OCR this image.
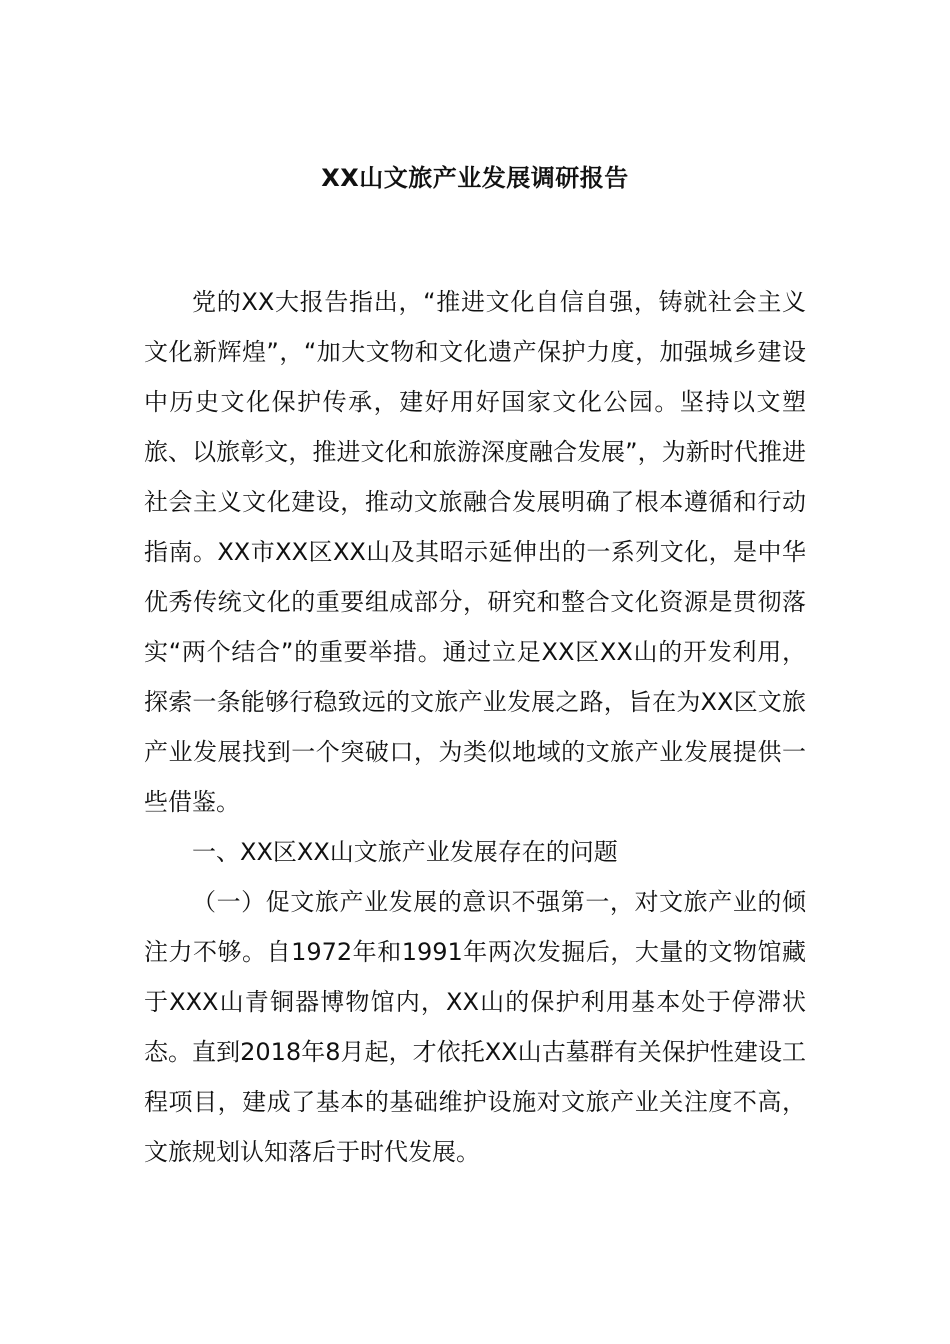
XX山文旅产业发展调研报告

党的XX大报告指出，“推进文化自信自强，铸就社会主义文化新辉煌”，“加大文物和文化遗产保护力度，加强城乡建设中历史文化保护传承，建好用好国家文化公园。坚持以文塑旅、以旅彰文，推进文化和旅游深度融合发展”，为新时代推进社会主义文化建设，推动文旅融合发展明确了根本遵循和行动指南。XX市XX区XX山及其昭示延伸出的一系列文化，是中华优秀传统文化的重要组成部分，研究和整合文化资源是贯彻落实“两个结合”的重要举措。通过立足XX区XX山的开发利用，探索一条能够行稳致远的文旅产业发展之路，旨在为XX区文旅产业发展找到一个突破口，为类似地域的文旅产业发展提供一些借鉴。

一、XX区XX山文旅产业发展存在的问题

（一）促文旅产业发展的意识不强第一，对文旅产业的倾注力不够。自1972年和1991年两次发掘后，大量的文物馆藏于XXX山青铜器博物馆内，XX山的保护利用基本处于停滞状态。直到2018年8月起，才依托XX山古墓群有关保护性建设工程项目，建成了基本的基础维护设施对文旅产业关注度不高，文旅规划认知落后于时代发展。
